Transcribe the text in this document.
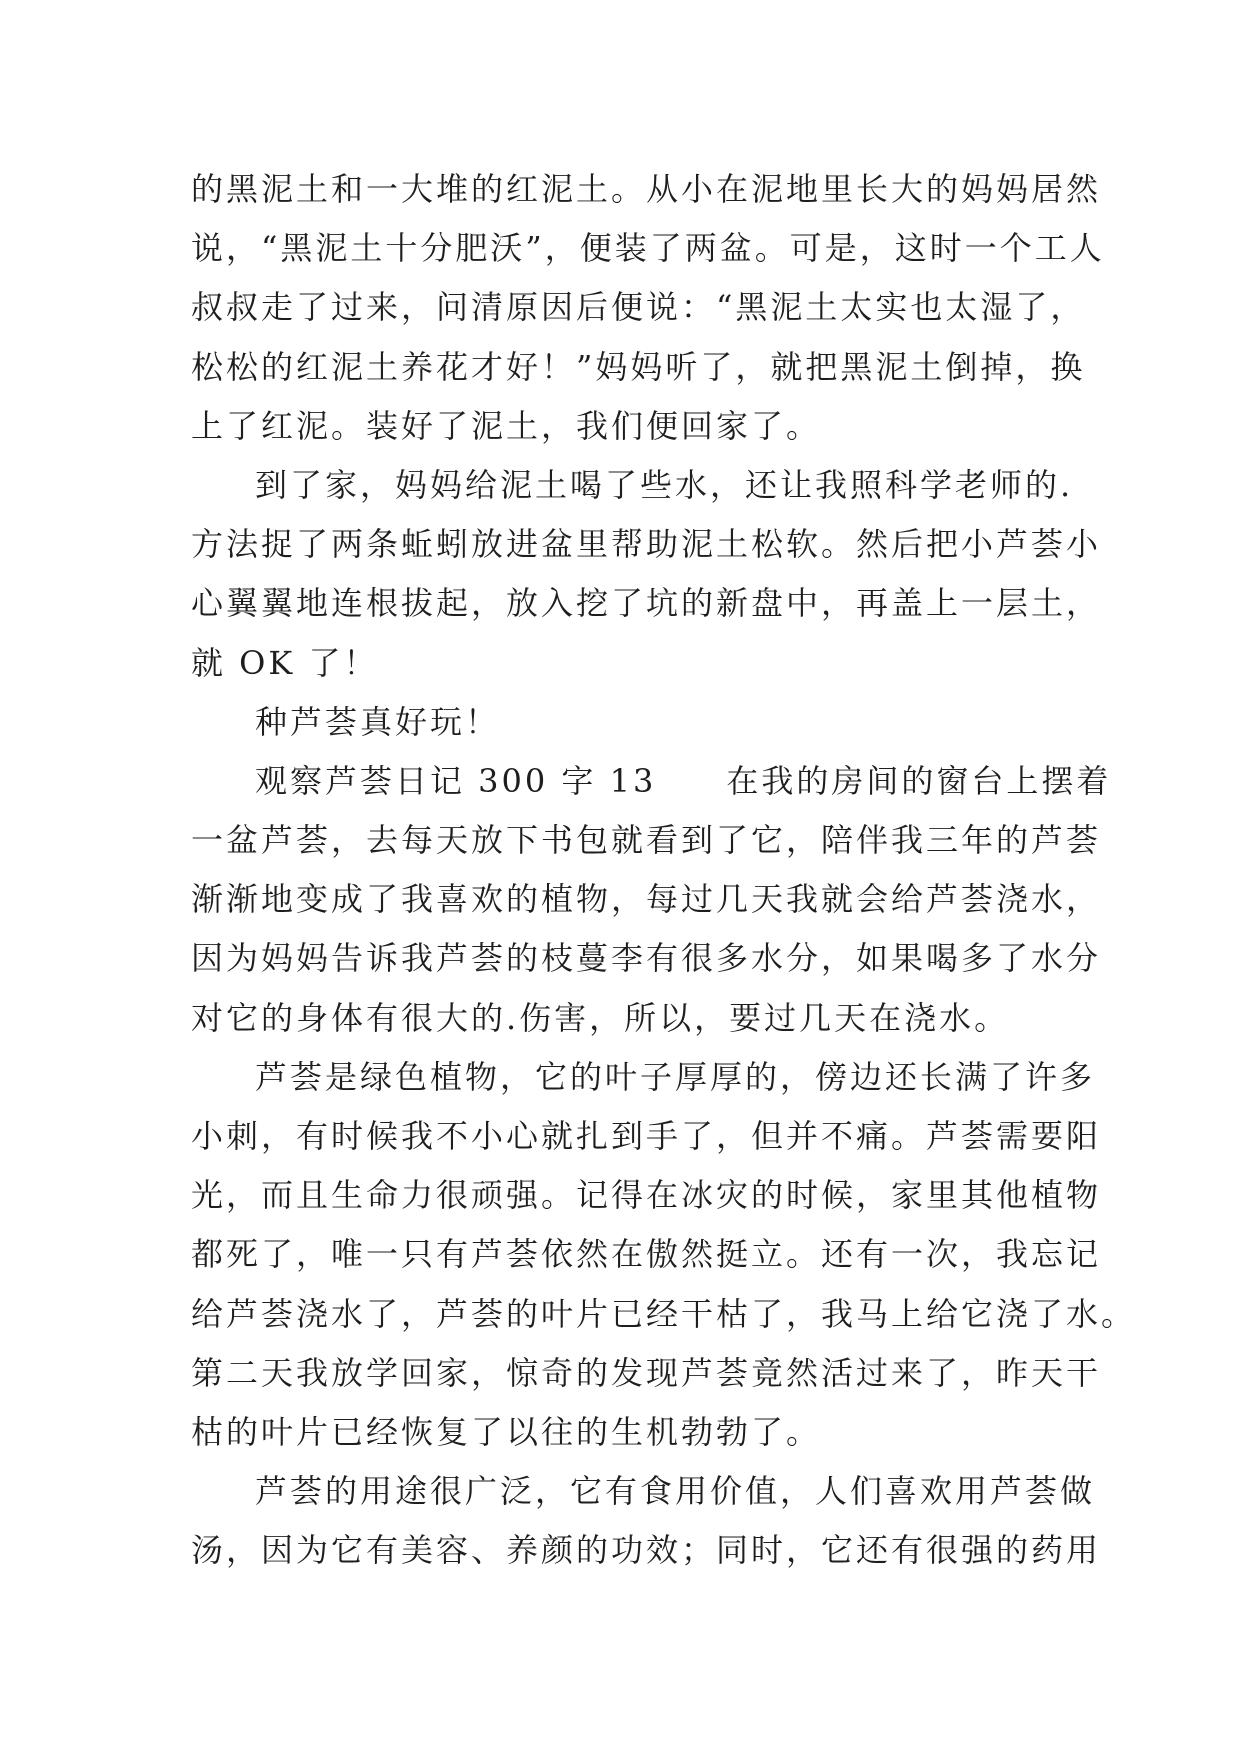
的黑泥土和一大堆的红泥土。从小在泥地里长大的妈妈居然
说，“黑泥土十分肥沃”，便装了两盆。可是，这时一个工人
叔叔走了过来，问清原因后便说：“黑泥土太实也太湿了，
松松的红泥土养花才好！”妈妈听了，就把黑泥土倒掉，换
上了红泥。装好了泥土，我们便回家了。
到了家，妈妈给泥土喝了些水，还让我照科学老师的.
方法捉了两条蚯蚓放进盆里帮助泥土松软。然后把小芦荟小
心翼翼地连根拔起，放入挖了坑的新盘中，再盖上一层土，
就 OK 了！
种芦荟真好玩！
观察芦荟日记 300 字 13　　在我的房间的窗台上摆着
一盆芦荟，去每天放下书包就看到了它，陪伴我三年的芦荟
渐渐地变成了我喜欢的植物，每过几天我就会给芦荟浇水，
因为妈妈告诉我芦荟的枝蔓李有很多水分，如果喝多了水分
对它的身体有很大的.伤害，所以，要过几天在浇水。
芦荟是绿色植物，它的叶子厚厚的，傍边还长满了许多
小刺，有时候我不小心就扎到手了，但并不痛。芦荟需要阳
光，而且生命力很顽强。记得在冰灾的时候，家里其他植物
都死了，唯一只有芦荟依然在傲然挺立。还有一次，我忘记
给芦荟浇水了，芦荟的叶片已经干枯了，我马上给它浇了水。
第二天我放学回家，惊奇的发现芦荟竟然活过来了，昨天干
枯的叶片已经恢复了以往的生机勃勃了。
芦荟的用途很广泛，它有食用价值，人们喜欢用芦荟做
汤，因为它有美容、养颜的功效；同时，它还有很强的药用
